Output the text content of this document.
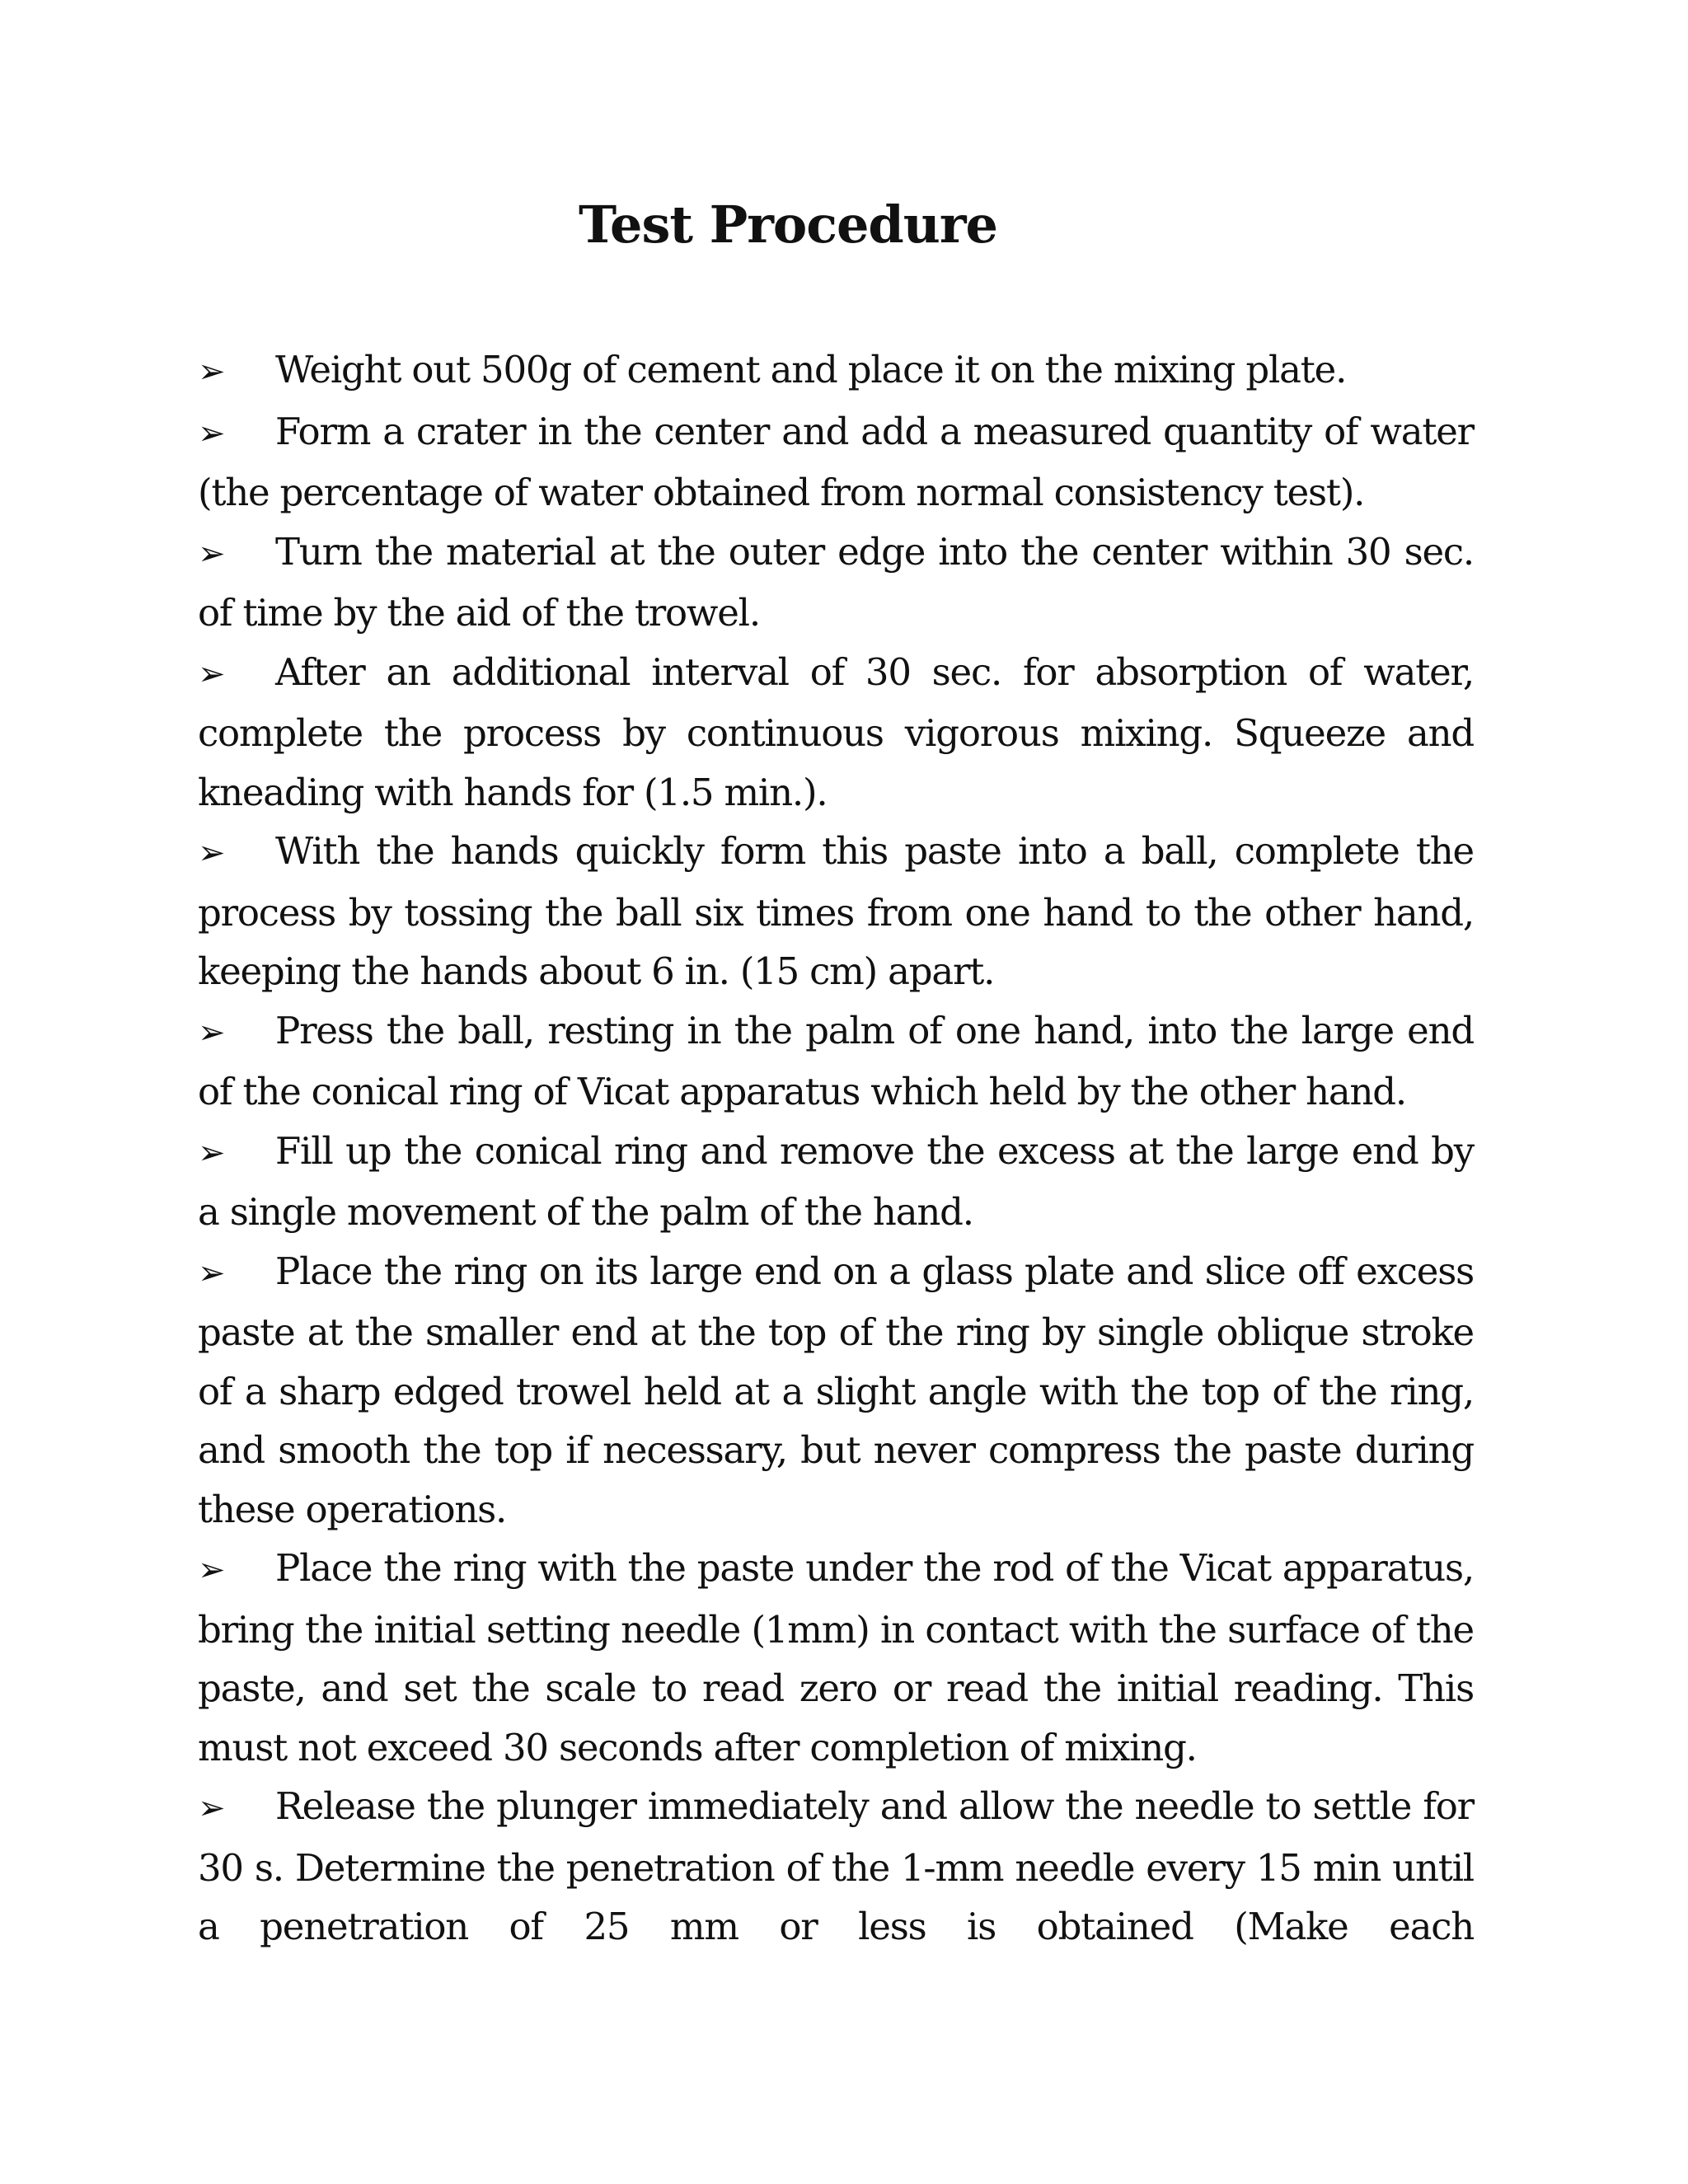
Test Procedure
➢ Weight out 500g of cement and place it on the mixing plate.
➢ Form a crater in the center and add a measured quantity of water (the percentage of water obtained from normal consistency test).
➢ Turn the material at the outer edge into the center within 30 sec. of time by the aid of the trowel.
➢ After an additional interval of 30 sec. for absorption of water, complete the process by continuous vigorous mixing. Squeeze and kneading with hands for (1.5 min.).
➢ With the hands quickly form this paste into a ball, complete the process by tossing the ball six times from one hand to the other hand, keeping the hands about 6 in. (15 cm) apart.
➢ Press the ball, resting in the palm of one hand, into the large end of the conical ring of Vicat apparatus which held by the other hand.
➢ Fill up the conical ring and remove the excess at the large end by a single movement of the palm of the hand.
➢ Place the ring on its large end on a glass plate and slice off excess paste at the smaller end at the top of the ring by single oblique stroke of a sharp edged trowel held at a slight angle with the top of the ring, and smooth the top if necessary, but never compress the paste during these operations.
➢ Place the ring with the paste under the rod of the Vicat apparatus, bring the initial setting needle (1mm) in contact with the surface of the paste, and set the scale to read zero or read the initial reading. This must not exceed 30 seconds after completion of mixing.
➢ Release the plunger immediately and allow the needle to settle for 30 s. Determine the penetration of the 1-mm needle every 15 min until a penetration of 25 mm or less is obtained (Make each
